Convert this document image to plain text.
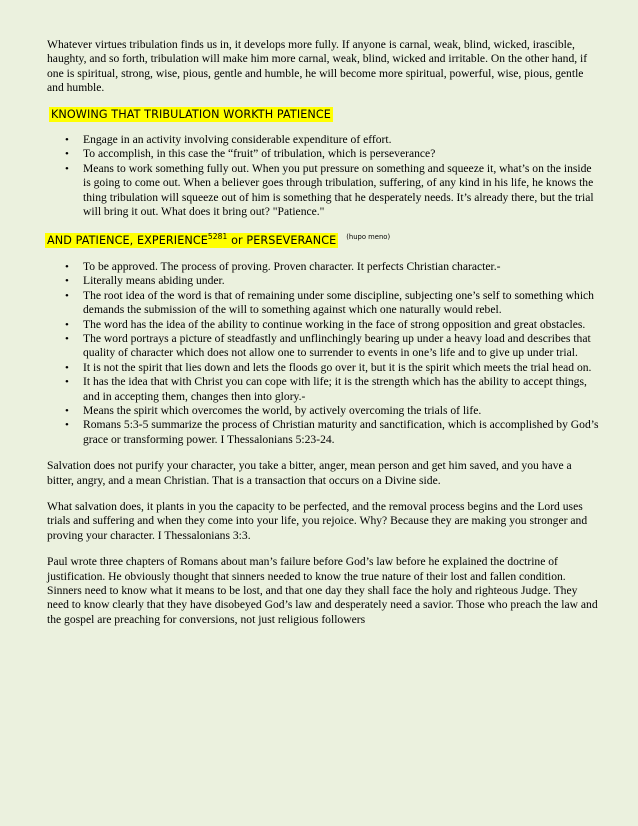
Whatever virtues tribulation finds us in, it develops more fully. If anyone is carnal, weak, blind, wicked, irascible, haughty, and so forth, tribulation will make him more carnal, weak, blind, wicked and irritable. On the other hand, if one is spiritual, strong, wise, pious, gentle and humble, he will become more spiritual, powerful, wise, pious, gentle and humble.

KNOWING THAT TRIBULATION WORKTH PATIENCE
• Engage in an activity involving considerable expenditure of effort.
• To accomplish, in this case the “fruit” of tribulation, which is perseverance?
• Means to work something fully out. When you put pressure on something and squeeze it, what’s on the inside is going to come out. When a believer goes through tribulation, suffering, of any kind in his life, he knows the thing tribulation will squeeze out of him is something that he desperately needs. It’s already there, but the trial will bring it out. What does it bring out? "Patience."
AND PATIENCE, EXPERIENCE$^{5281}$ or PERSEVERANCE $^{(hupo meno)}$
• To be approved. The process of proving. Proven character. It perfects Christian character.-
• Literally means abiding under.
• The root idea of the word is that of remaining under some discipline, subjecting one’s self to something which demands the submission of the will to something against which one naturally would rebel.
• The word has the idea of the ability to continue working in the face of strong opposition and great obstacles.
• The word portrays a picture of steadfastly and unflinchingly bearing up under a heavy load and describes that quality of character which does not allow one to surrender to events in one’s life and to give up under trial.
• It is not the spirit that lies down and lets the floods go over it, but it is the spirit which meets the trial head on.
• It has the idea that with Christ you can cope with life; it is the strength which has the ability to accept things, and in accepting them, changes then into glory.-
• Means the spirit which overcomes the world, by actively overcoming the trials of life.
• Romans 5:3-5 summarize the process of Christian maturity and sanctification, which is accomplished by God’s grace or transforming power. I Thessalonians 5:23-24.

Salvation does not purify your character, you take a bitter, anger, mean person and get him saved, and you have a bitter, angry, and a mean Christian. That is a transaction that occurs on a Divine side.

What salvation does, it plants in you the capacity to be perfected, and the removal process begins and the Lord uses trials and suffering and when they come into your life, you rejoice. Why? Because they are making you stronger and proving your character. I Thessalonians 3:3.

Paul wrote three chapters of Romans about man’s failure before God’s law before he explained the doctrine of justification. He obviously thought that sinners needed to know the true nature of their lost and fallen condition. Sinners need to know what it means to be lost, and that one day they shall face the holy and righteous Judge. They need to know clearly that they have disobeyed God’s law and desperately need a savior. Those who preach the law and the gospel are preaching for conversions, not just religious followers
